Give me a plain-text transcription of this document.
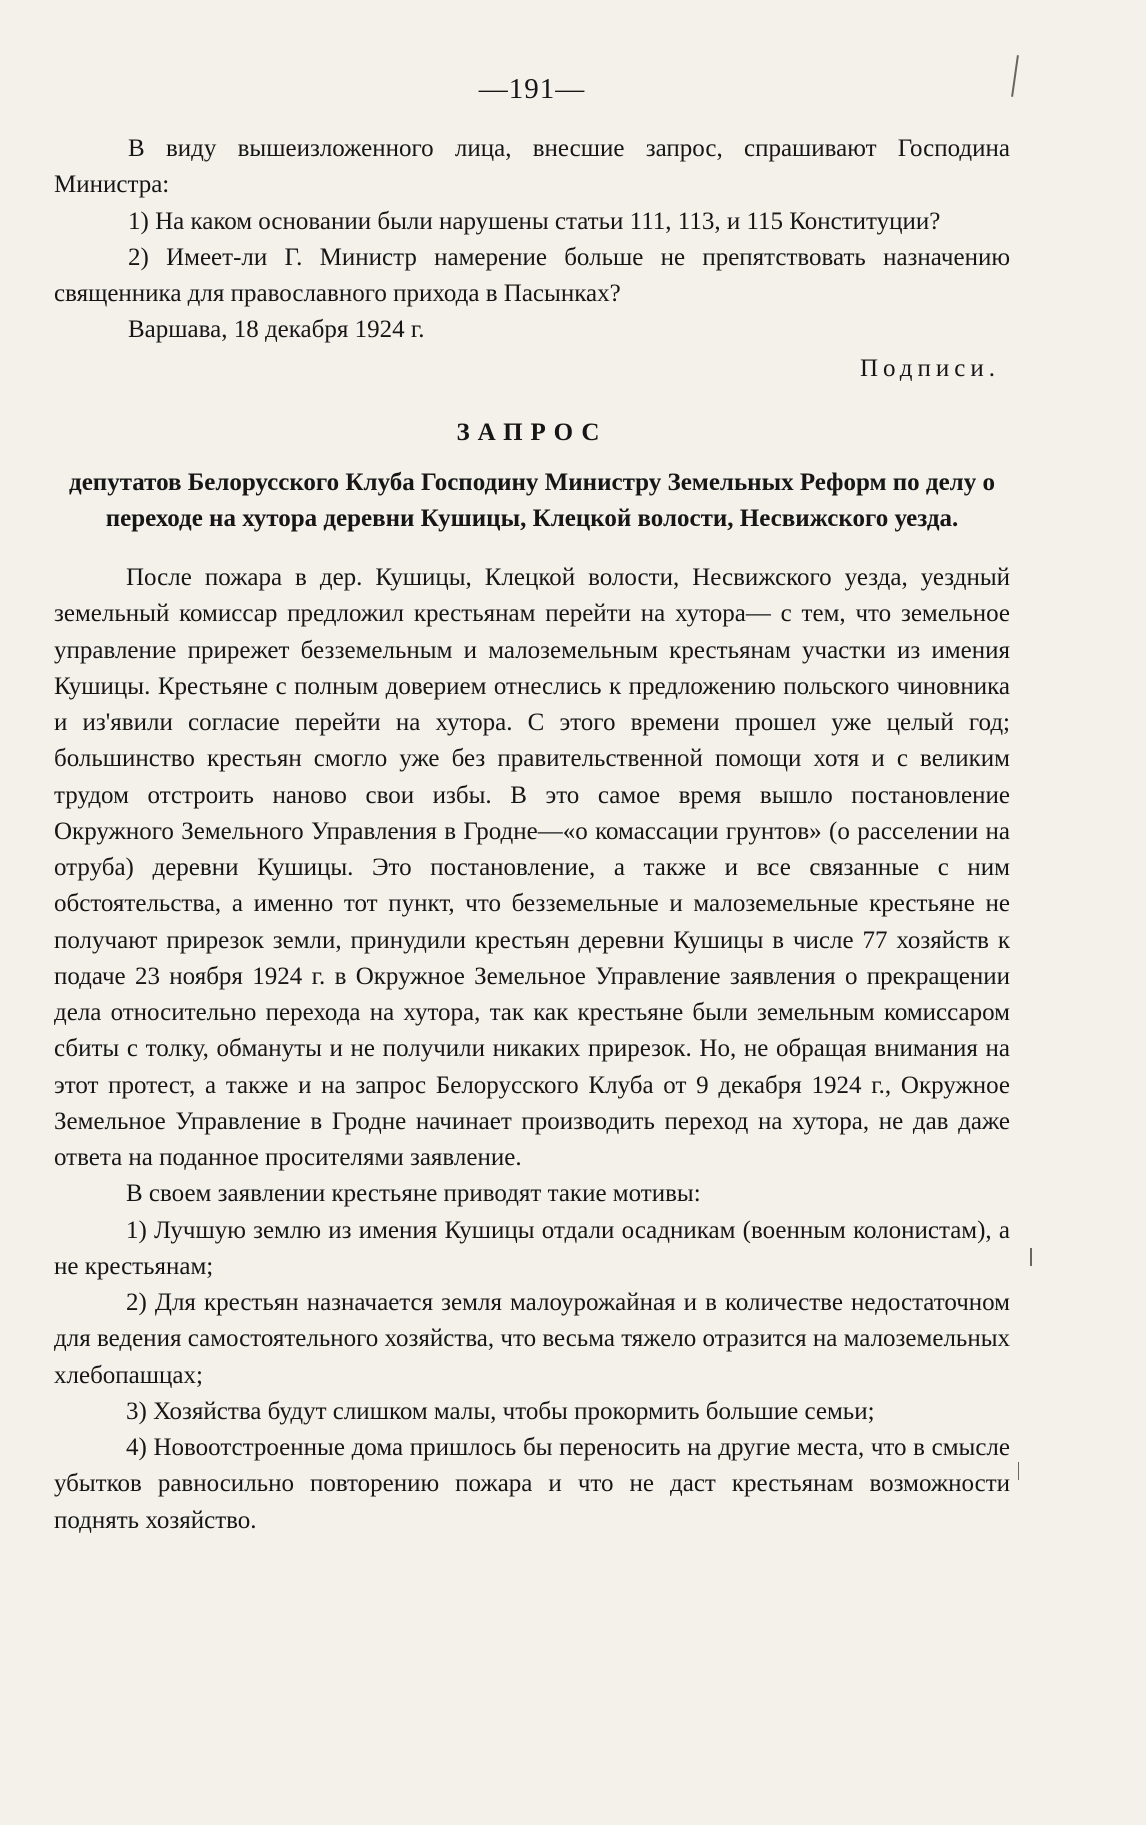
—191—

В виду вышеизложенного лица, внесшие запрос, спрашивают Господина Министра:

1) На каком основании были нарушены статьи 111, 113, и 115 Конституции?

2) Имеет-ли Г. Министр намерение больше не препятствовать назначению священника для православного прихода в Пасынках?

Варшава, 18 декабря 1924 г.

Подписи.

ЗАПРОС

депутатов Белорусского Клуба Господину Министру Земельных Реформ по делу о переходе на хутора деревни Кушицы, Клецкой волости, Несвижского уезда.

После пожара в дер. Кушицы, Клецкой волости, Несвижского уезда, уездный земельный комиссар предложил крестьянам перейти на хутора— с тем, что земельное управление прирежет безземельным и малоземельным крестьянам участки из имения Кушицы. Крестьяне с полным доверием отнеслись к предложению польского чиновника и из'явили согласие перейти на хутора. С этого времени прошел уже целый год; большинство крестьян смогло уже без правительственной помощи хотя и с великим трудом отстроить наново свои избы. В это самое время вышло постановление Окружного Земельного Управления в Гродне—«о комассации грунтов» (о расселении на отруба) деревни Кушицы. Это постановление, а также и все связанные с ним обстоятельства, а именно тот пункт, что безземельные и малоземельные крестьяне не получают прирезок земли, принудили крестьян деревни Кушицы в числе 77 хозяйств к подаче 23 ноября 1924 г. в Окружное Земельное Управление заявления о прекращении дела относительно перехода на хутора, так как крестьяне были земельным комиссаром сбиты с толку, обмануты и не получили никаких прирезок. Но, не обращая внимания на этот протест, а также и на запрос Белорусского Клуба от 9 декабря 1924 г., Окружное Земельное Управление в Гродне начинает производить переход на хутора, не дав даже ответа на поданное просителями заявление.

В своем заявлении крестьяне приводят такие мотивы:

1) Лучшую землю из имения Кушицы отдали осадникам (военным колонистам), а не крестьянам;

2) Для крестьян назначается земля малоурожайная и в количестве недостаточном для ведения самостоятельного хозяйства, что весьма тяжело отразится на малоземельных хлебопашцах;

3) Хозяйства будут слишком малы, чтобы прокормить большие семьи;

4) Новоотстроенные дома пришлось бы переносить на другие места, что в смысле убытков равносильно повторению пожара и что не даст крестьянам возможности поднять хозяйство.
